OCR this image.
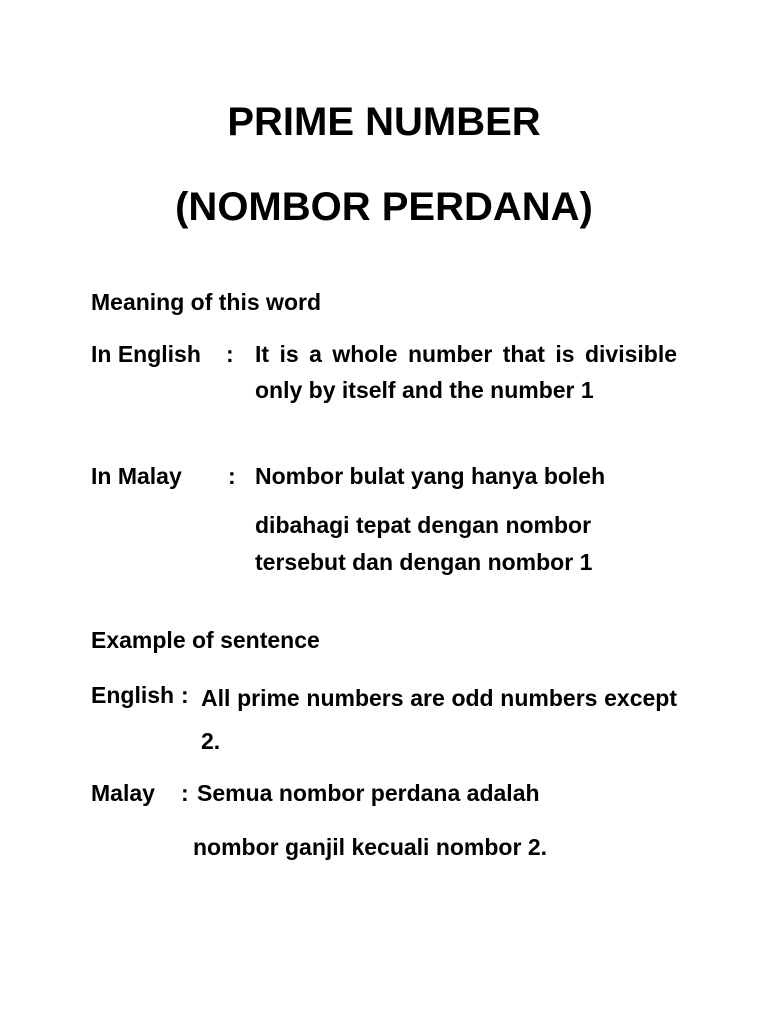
PRIME NUMBER
(NOMBOR PERDANA)
Meaning of this word
In English : It is a whole number that is divisible only by itself and the number 1
In Malay : Nombor bulat yang hanya boleh
dibahagi tepat dengan nombor
tersebut dan dengan nombor 1
Example of sentence
English : All prime numbers are odd numbers except 2.
Malay : Semua nombor perdana adalah
nombor ganjil kecuali nombor 2.
